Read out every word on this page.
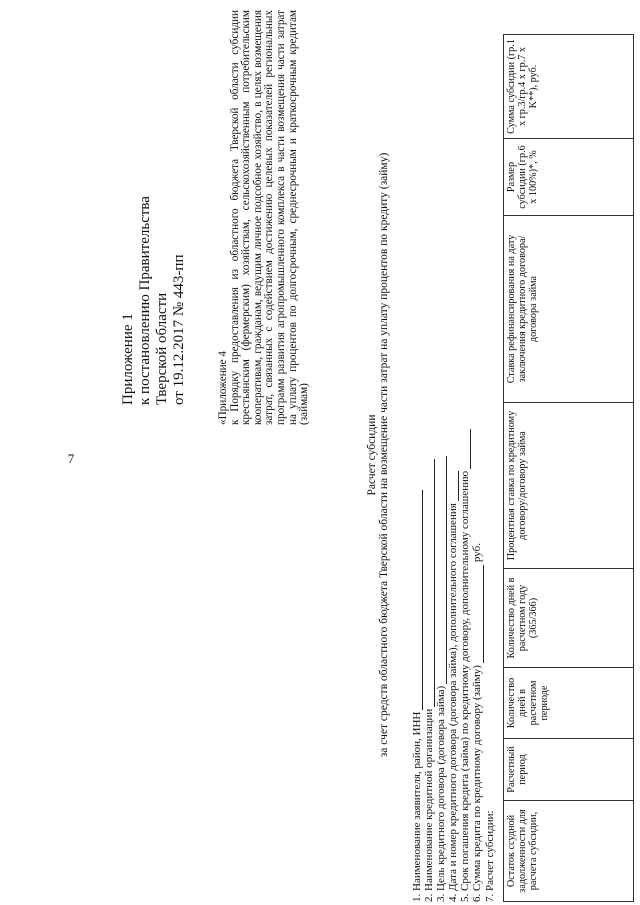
7
Приложение 1 к постановлению Правительства Тверской области от 19.12.2017 № 443-пп	«Приложение 4 к Порядку предоставления из областного бюджета Тверской области субсидии крестьянским (фермерским) хозяйствам, сельскохозяйственным потребительским кооперативам, гражданам, ведущим личное подсобное хозяйство, в целях возмещения затрат, связанных с содействием достижению целевых показателей региональных программ развития агропромышленного комплекса в части возмещения части затрат на уплату процентов по долгосрочным, среднесрочным и краткосрочным кредитам (займам)
Расчет субсидии за счет средств областного бюджета Тверской области на возмещение части затрат на уплату процентов по кредиту (займу)
1. Наименование заявителя, район, ИНН 2. Наименование кредитной организации 3. Цель кредитного договора (договора займа) 4. Дата и номер кредитного договора (договора займа), дополнительного соглашения 5. Срок погашения кредита (займа) по кредитному договору, дополнительному соглашению 6. Сумма кредита по кредитному договору (займу)
руб.
7. Расчет субсидии: Остаток ссудной задолженности для расчета субсидии,	Расчетный период	Количество дней в расчетном периоде	Количество дней в расчетном году (365/366)	Процентная ставка по кредитному договору/договору займа	Ставка рефинансирования на дату заключения кредитного договора/договора займа	Размер субсидии (гр.6 х 100%)*, %	Сумма субсидии (гр.1 х гр.3/гр.4 х гр.7 х K**), руб.
